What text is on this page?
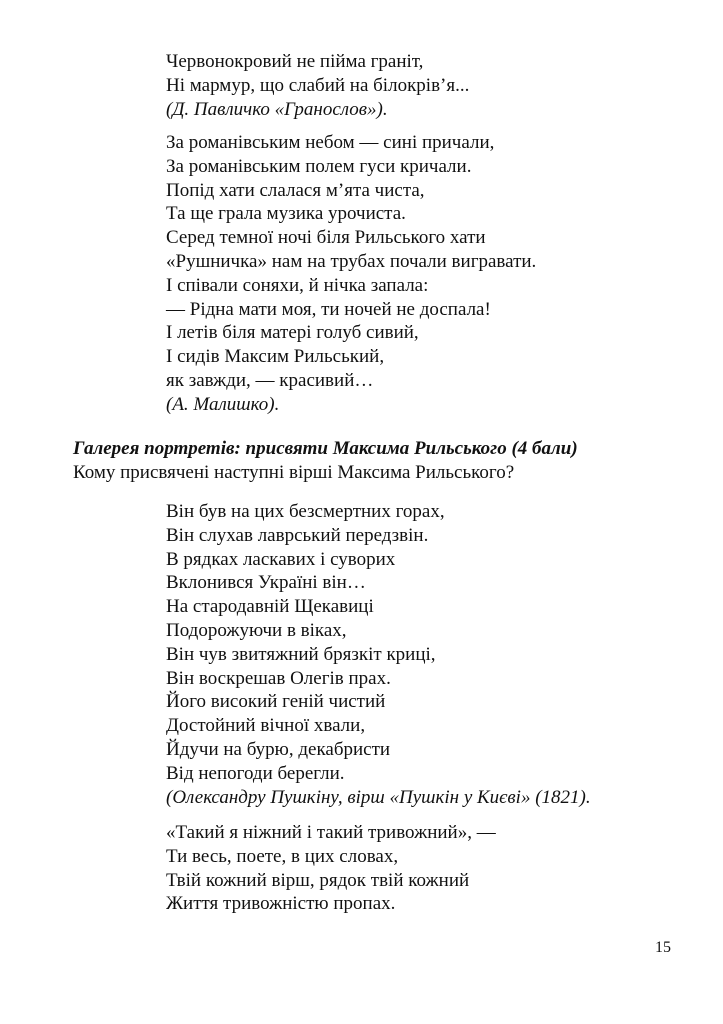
Червонокровий не пійма граніт,
Ні мармур, що слабий на білокрів’я...
(Д. Павличко «Гранослов»).
За романівським небом — сині причали,
За романівським полем гуси кричали.
Попід хати слалася м’ята чиста,
Та ще грала музика урочиста.
Серед темної ночі біля Рильського хати
«Рушничка» нам на трубах почали вигравати.
І співали соняхи, й нічка запала:
— Рідна мати моя, ти ночей не доспала!
І летів біля матері голуб сивий,
І сидів Максим Рильський,
як завжди, — красивий…
(А. Малишко).

Галерея портретів: присвяти Максима Рильського (4 бали)

Кому присвячені наступні вірші Максима Рильського?

Він був на цих безсмертних горах,
Він слухав лаврський передзвін.
В рядках ласкавих і суворих
Вклонився Україні він…
На стародавній Щекавиці
Подорожуючи в віках,
Він чув звитяжний брязкіт криці,
Він воскрешав Олегів прах.
Його високий геній чистий
Достойний вічної хвали,
Йдучи на бурю, декабристи
Від непогоди берегли.
(Олександру Пушкіну, вірш «Пушкін у Києві» (1821).
«Такий я ніжний і такий тривожний», —
Ти весь, поете, в цих словах,
Твій кожний вірш, рядок твій кожний
Життя тривожністю пропах.
15
